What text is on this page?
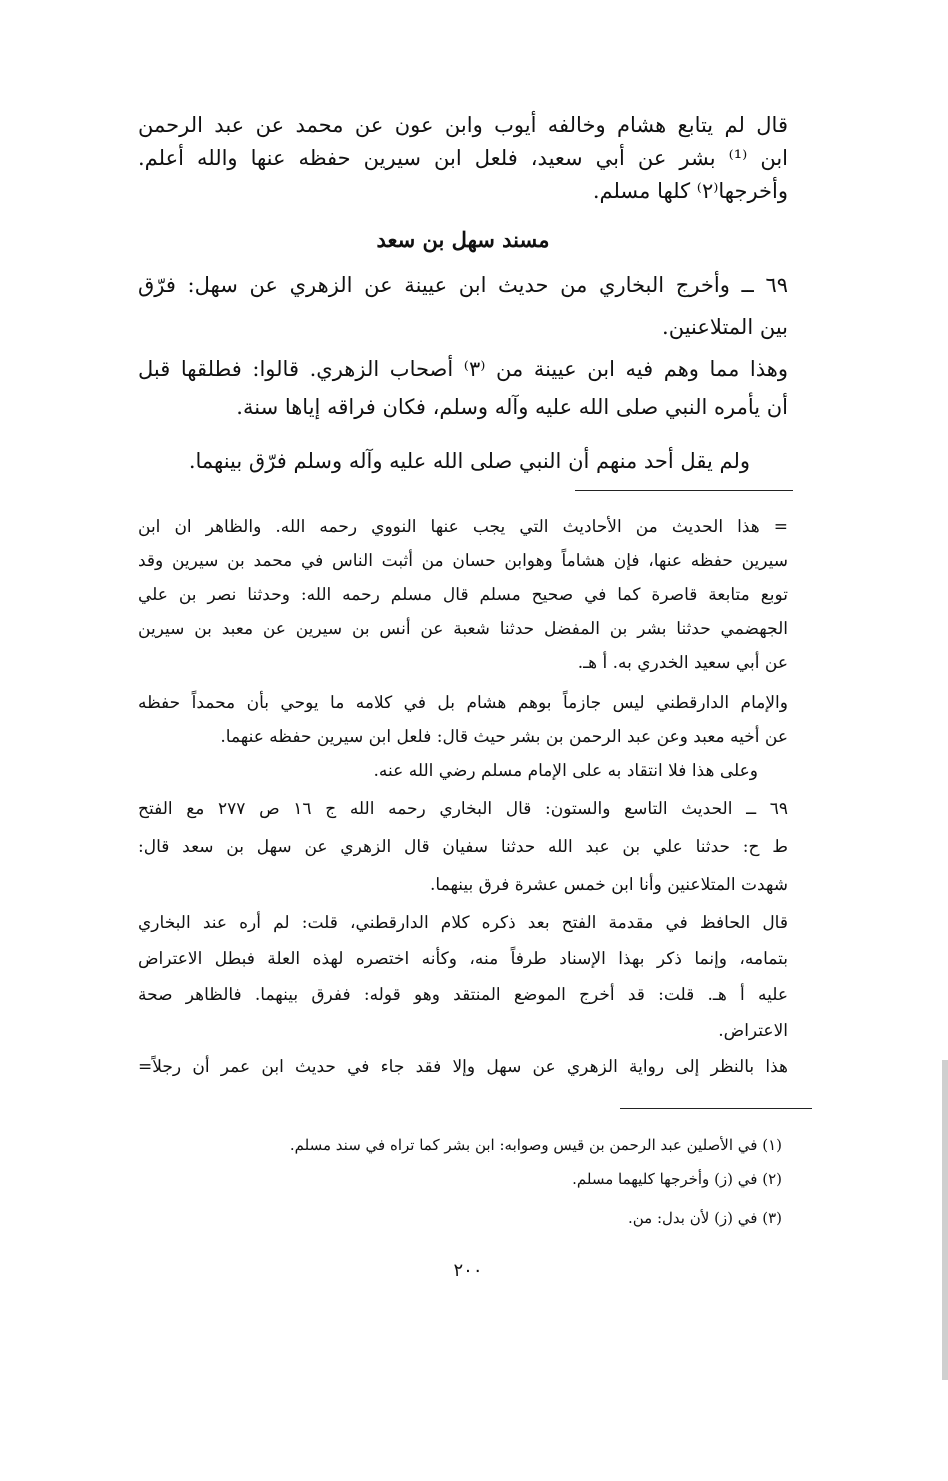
قال لم يتابع هشام وخالفه أيوب وابن عون عن محمد عن عبد الرحمن
ابن ⁽¹⁾ بشر عن أبي سعيد، فلعل ابن سيرين حفظه عنها والله أعلم.
وأخرجها⁽٢⁾ كلها مسلم.
مسند سهل بن سعد
٦٩ ــ وأخرج البخاري من حديث ابن عيينة عن الزهري عن سهل: فرّق
بين المتلاعنين.
وهذا مما وهم فيه ابن عيينة من ⁽٣⁾ أصحاب الزهري. قالوا: فطلقها قبل
أن يأمره النبي صلى الله عليه وآله وسلم، فكان فراقه إياها سنة.
ولم يقل أحد منهم أن النبي صلى الله عليه وآله وسلم فرّق بينهما.
= هذا الحديث من الأحاديث التي يجب عنها النووي رحمه الله. والظاهر ان ابن
سيرين حفظه عنها، فإن هشاماً وهوابن حسان من أثبت الناس في محمد بن سيرين وقد
توبع متابعة قاصرة كما في صحيح مسلم قال مسلم رحمه الله: وحدثنا نصر بن علي
الجهضمي حدثنا بشر بن المفضل حدثنا شعبة عن أنس بن سيرين عن معبد بن سيرين
عن أبي سعيد الخدري به. أ هـ.
والإمام الدارقطني ليس جازماً بوهم هشام بل في كلامه ما يوحي بأن محمداً حفظه
عن أخيه معبد وعن عبد الرحمن بن بشر حيث قال: فلعل ابن سيرين حفظه عنهما.
وعلى هذا فلا انتقاد به على الإمام مسلم رضي الله عنه.
٦٩ ــ الحديث التاسع والستون: قال البخاري رحمه الله ج ١٦ ص ٢٧٧ مع الفتح
ط ح: حدثنا علي بن عبد الله حدثنا سفيان قال الزهري عن سهل بن سعد قال:
شهدت المتلاعنين وأنا ابن خمس عشرة فرق بينهما.
قال الحافظ في مقدمة الفتح بعد ذكره كلام الدارقطني، قلت: لم أره عند البخاري
بتمامه، وإنما ذكر بهذا الإسناد طرفاً منه، وكأنه اختصره لهذه العلة فبطل الاعتراض
عليه أ هـ. قلت: قد أخرج الموضع المنتقد وهو قوله: ففرق بينهما. فالظاهر صحة
الاعتراض.
هذا بالنظر إلى رواية الزهري عن سهل وإلا فقد جاء في حديث ابن عمر أن رجلاً=
(١) في الأصلين عبد الرحمن بن قيس وصوابه: ابن بشر كما تراه في سند مسلم.
(٢) في (ز) وأخرجها كليهما مسلم.
(٣) في (ز) لأن بدل: من.
٢٠٠
